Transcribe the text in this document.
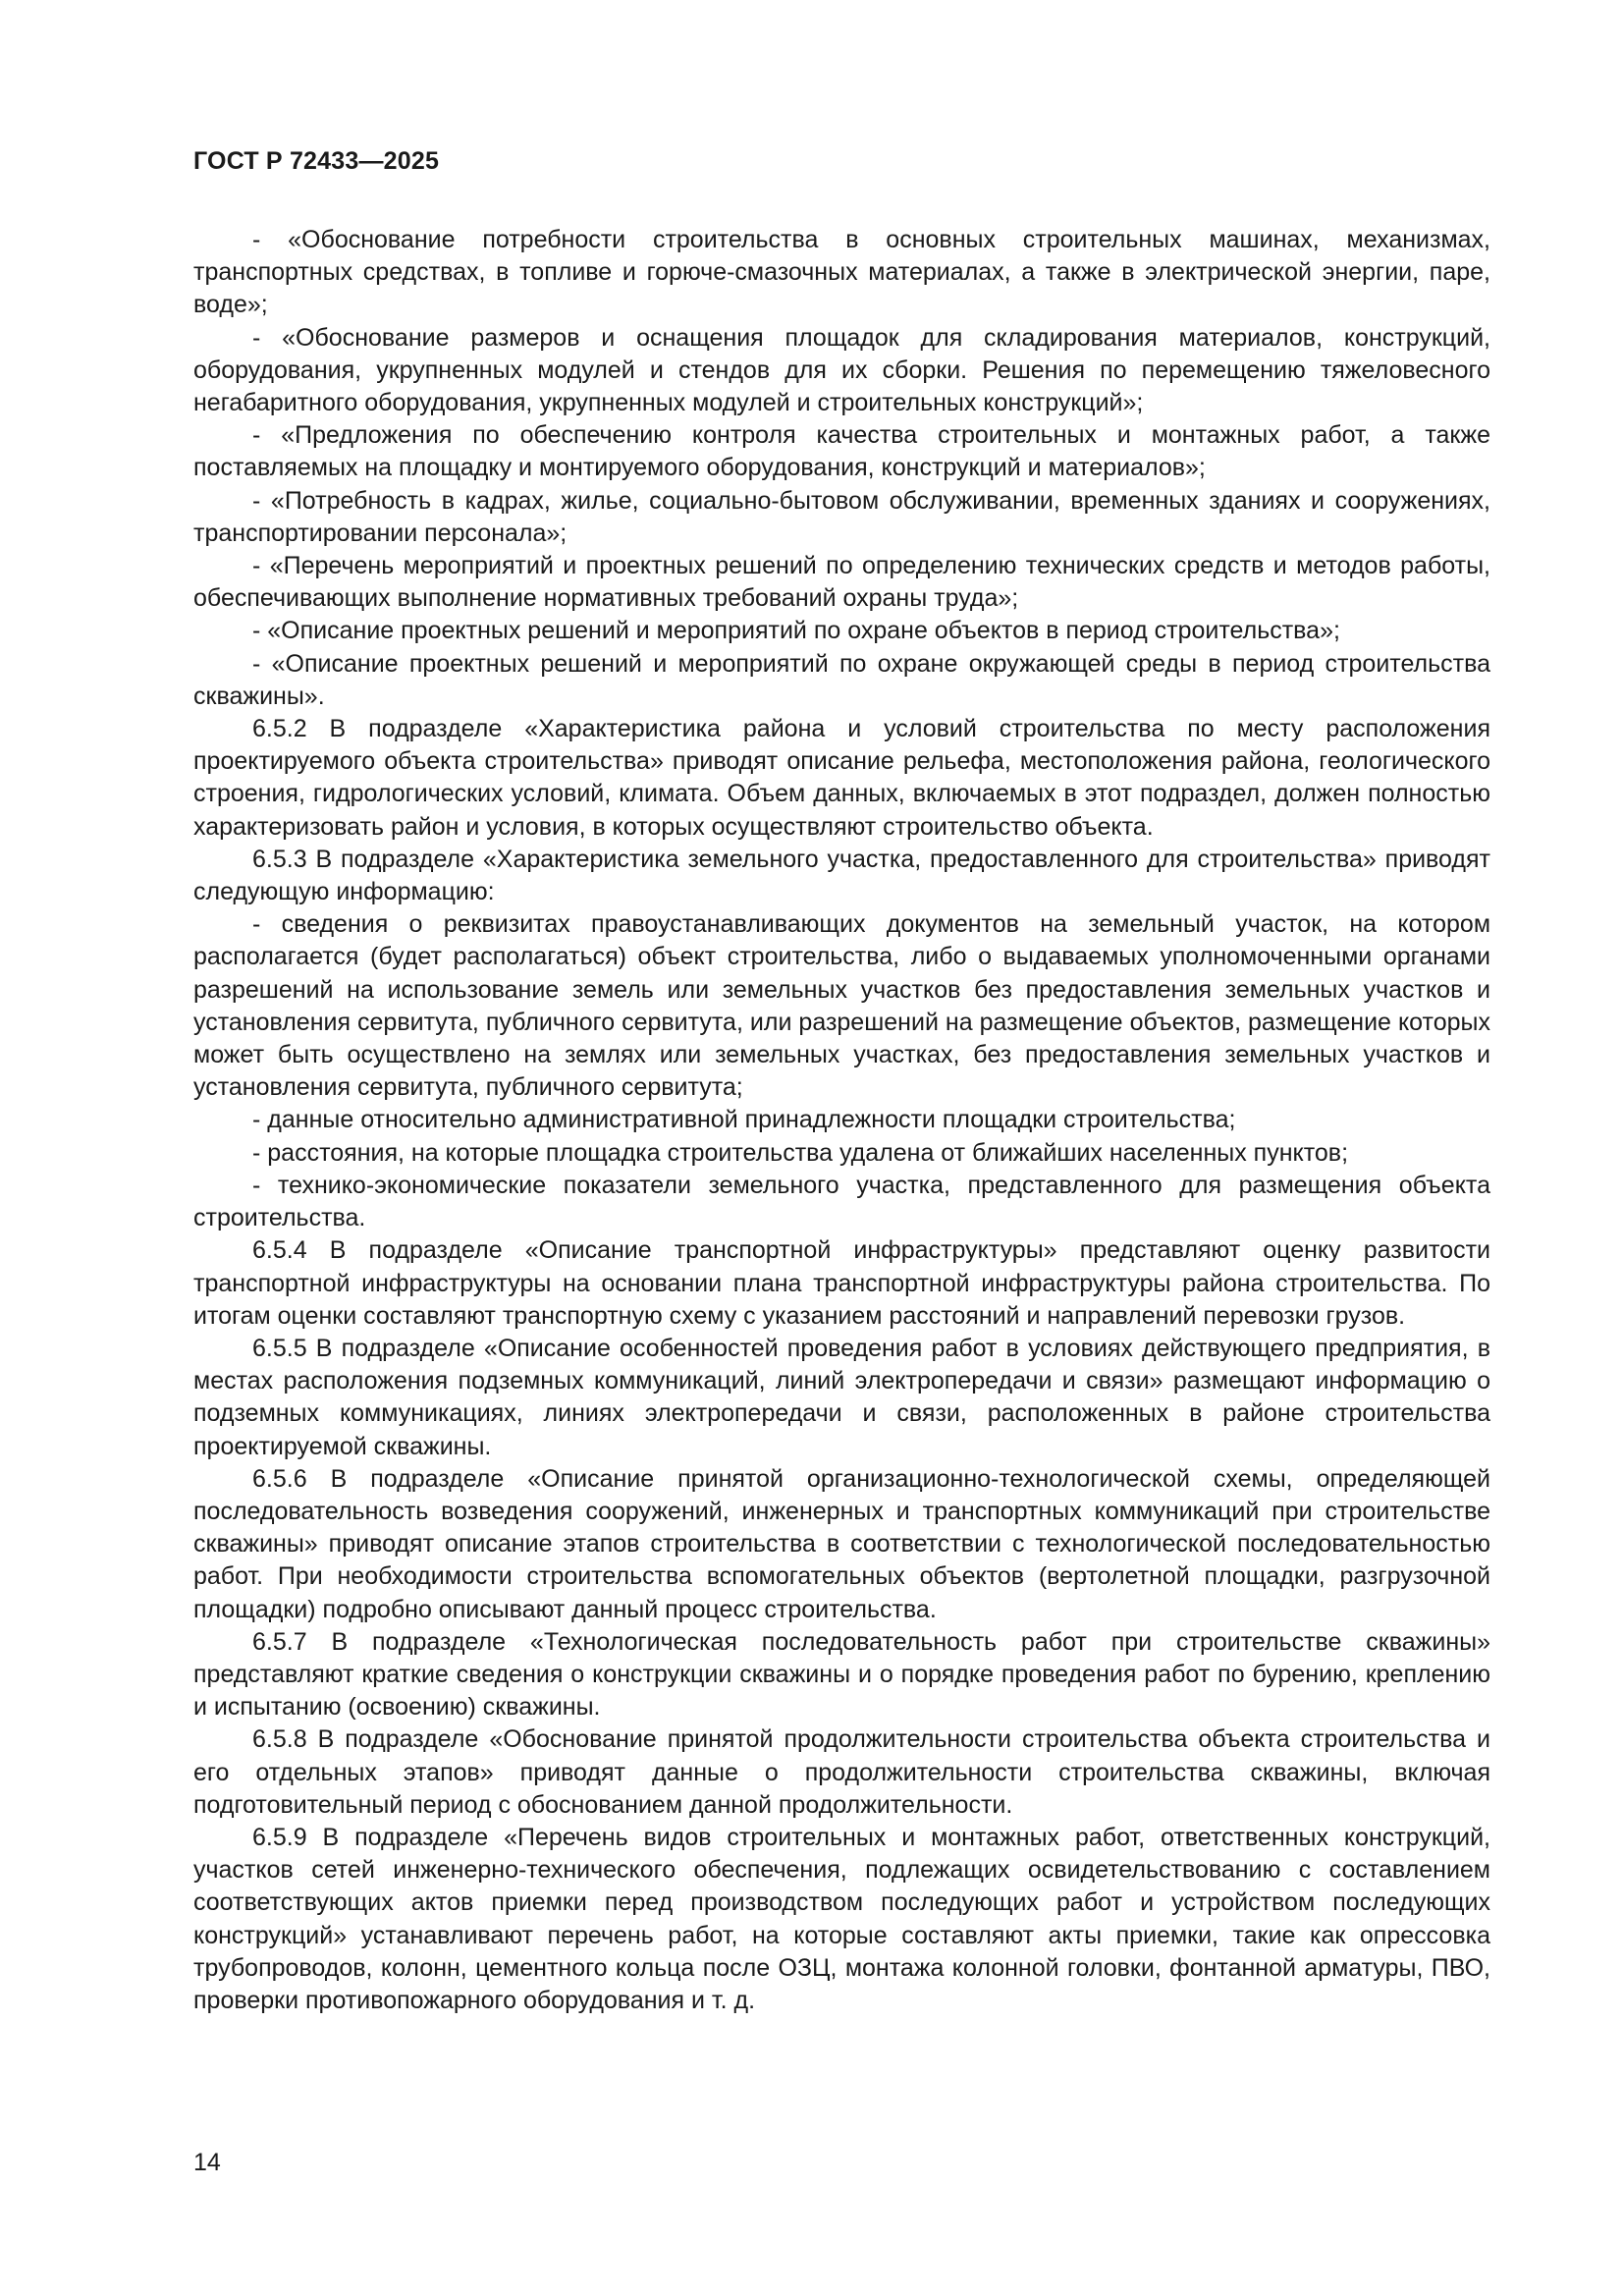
ГОСТ Р 72433—2025

- «Обоснование потребности строительства в основных строительных машинах, механизмах, транспортных средствах, в топливе и горюче-смазочных материалах, а также в электрической энергии, паре, воде»;

- «Обоснование размеров и оснащения площадок для складирования материалов, конструкций, оборудования, укрупненных модулей и стендов для их сборки. Решения по перемещению тяжеловесного негабаритного оборудования, укрупненных модулей и строительных конструкций»;

- «Предложения по обеспечению контроля качества строительных и монтажных работ, а также поставляемых на площадку и монтируемого оборудования, конструкций и материалов»;

- «Потребность в кадрах, жилье, социально-бытовом обслуживании, временных зданиях и сооружениях, транспортировании персонала»;

- «Перечень мероприятий и проектных решений по определению технических средств и методов работы, обеспечивающих выполнение нормативных требований охраны труда»;

- «Описание проектных решений и мероприятий по охране объектов в период строительства»;

- «Описание проектных решений и мероприятий по охране окружающей среды в период строительства скважины».

6.5.2 В подразделе «Характеристика района и условий строительства по месту расположения проектируемого объекта строительства» приводят описание рельефа, местоположения района, геологического строения, гидрологических условий, климата. Объем данных, включаемых в этот подраздел, должен полностью характеризовать район и условия, в которых осуществляют строительство объекта.

6.5.3 В подразделе «Характеристика земельного участка, предоставленного для строительства» приводят следующую информацию:

- сведения о реквизитах правоустанавливающих документов на земельный участок, на котором располагается (будет располагаться) объект строительства, либо о выдаваемых уполномоченными органами разрешений на использование земель или земельных участков без предоставления земельных участков и установления сервитута, публичного сервитута, или разрешений на размещение объектов, размещение которых может быть осуществлено на землях или земельных участках, без предоставления земельных участков и установления сервитута, публичного сервитута;

- данные относительно административной принадлежности площадки строительства;

- расстояния, на которые площадка строительства удалена от ближайших населенных пунктов;

- технико-экономические показатели земельного участка, представленного для размещения объекта строительства.

6.5.4 В подразделе «Описание транспортной инфраструктуры» представляют оценку развитости транспортной инфраструктуры на основании плана транспортной инфраструктуры района строительства. По итогам оценки составляют транспортную схему с указанием расстояний и направлений перевозки грузов.

6.5.5 В подразделе «Описание особенностей проведения работ в условиях действующего предприятия, в местах расположения подземных коммуникаций, линий электропередачи и связи» размещают информацию о подземных коммуникациях, линиях электропередачи и связи, расположенных в районе строительства проектируемой скважины.

6.5.6 В подразделе «Описание принятой организационно-технологической схемы, определяющей последовательность возведения сооружений, инженерных и транспортных коммуникаций при строительстве скважины» приводят описание этапов строительства в соответствии с технологической последовательностью работ. При необходимости строительства вспомогательных объектов (вертолетной площадки, разгрузочной площадки) подробно описывают данный процесс строительства.

6.5.7 В подразделе «Технологическая последовательность работ при строительстве скважины» представляют краткие сведения о конструкции скважины и о порядке проведения работ по бурению, креплению и испытанию (освоению) скважины.

6.5.8 В подразделе «Обоснование принятой продолжительности строительства объекта строительства и его отдельных этапов» приводят данные о продолжительности строительства скважины, включая подготовительный период с обоснованием данной продолжительности.

6.5.9 В подразделе «Перечень видов строительных и монтажных работ, ответственных конструкций, участков сетей инженерно-технического обеспечения, подлежащих освидетельствованию с составлением соответствующих актов приемки перед производством последующих работ и устройством последующих конструкций» устанавливают перечень работ, на которые составляют акты приемки, такие как опрессовка трубопроводов, колонн, цементного кольца после ОЗЦ, монтажа колонной головки, фонтанной арматуры, ПВО, проверки противопожарного оборудования и т. д.

14
